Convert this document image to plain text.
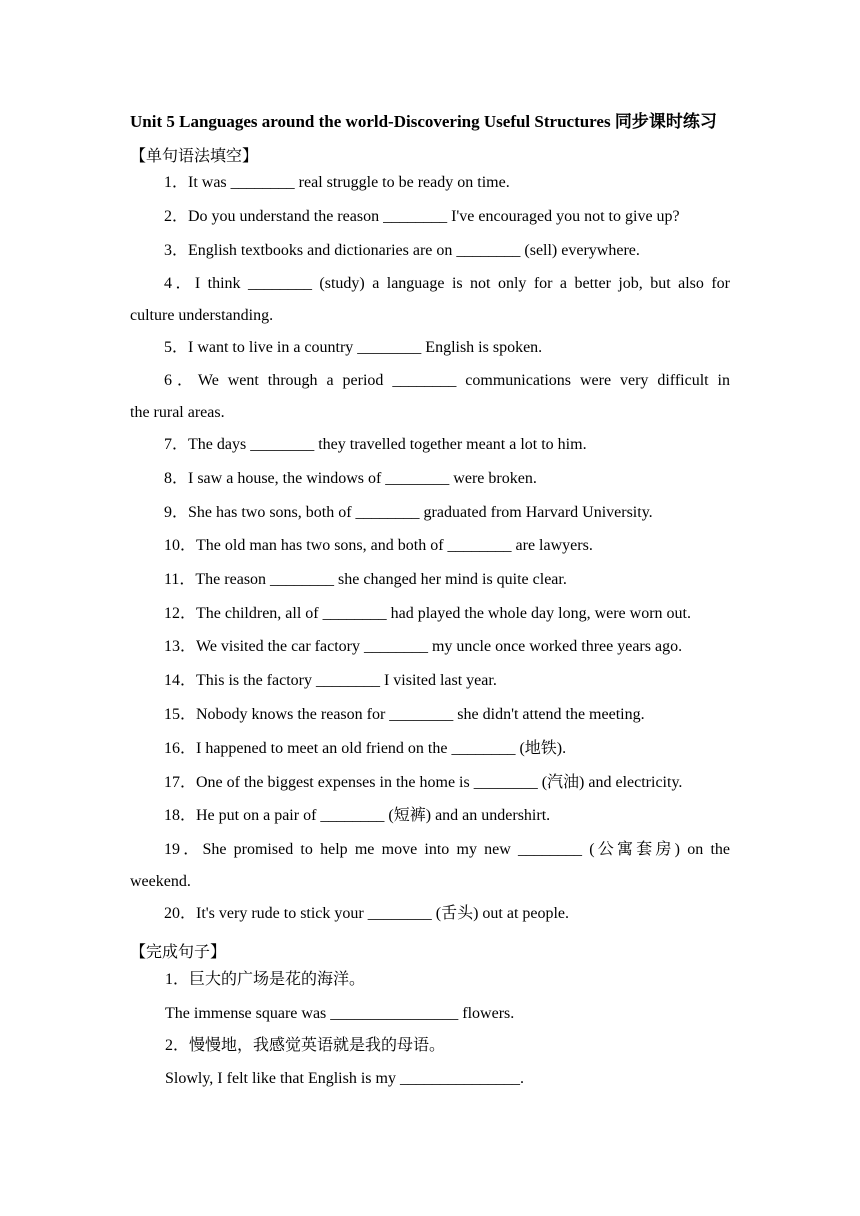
Unit 5 Languages around the world-Discovering Useful Structures 同步课时练习
【单句语法填空】
1．It was ________ real struggle to be ready on time.
2．Do you understand the reason ________ I've encouraged you not to give up?
3．English textbooks and dictionaries are on ________ (sell) everywhere.
4．I think ________ (study) a language is not only for a better job, but also for
culture understanding.
5．I want to live in a country ________ English is spoken.
6．We went through a period ________ communications were very difficult in
the rural areas.
7．The days ________ they travelled together meant a lot to him.
8．I saw a house, the windows of ________ were broken.
9．She has two sons, both of ________ graduated from Harvard University.
10．The old man has two sons, and both of ________ are lawyers.
11．The reason ________ she changed her mind is quite clear.
12．The children, all of ________ had played the whole day long, were worn out.
13．We visited the car factory ________ my uncle once worked three years ago.
14．This is the factory ________ I visited last year.
15．Nobody knows the reason for ________ she didn't attend the meeting.
16．I happened to meet an old friend on the ________ (地铁).
17．One of the biggest expenses in the home is ________ (汽油) and electricity.
18．He put on a pair of ________ (短裤) and an undershirt.
19．She promised to help me move into my new ________ (公寓套房) on the
weekend.
20．It's very rude to stick your ________ (舌头) out at people.
【完成句子】
1．巨大的广场是花的海洋。
The immense square was ________________ flowers.
2．慢慢地，我感觉英语就是我的母语。
Slowly, I felt like that English is my _______________.
